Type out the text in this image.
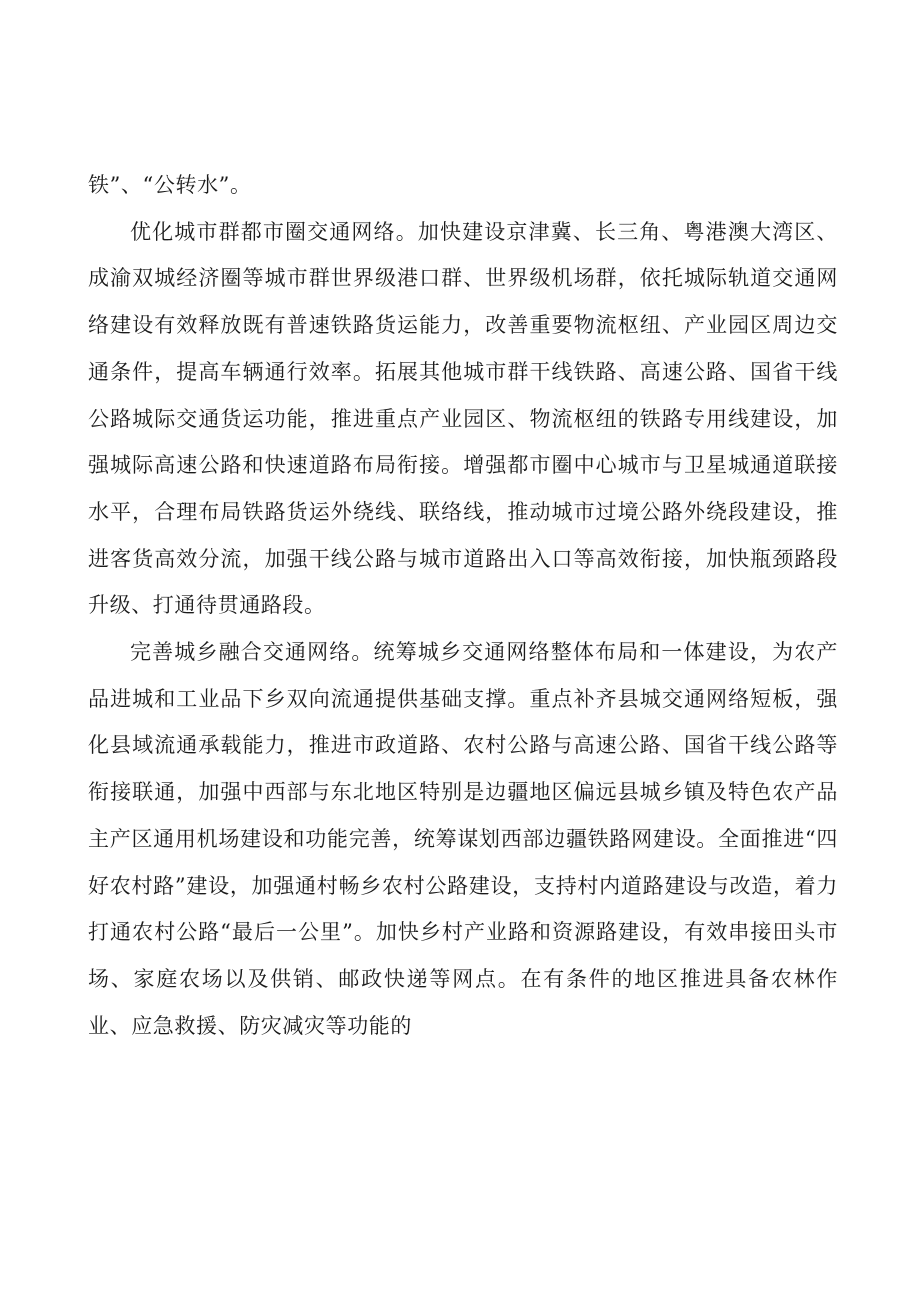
铁”、“公转水”。

优化城市群都市圈交通网络。加快建设京津冀、长三角、粤港澳大湾区、成渝双城经济圈等城市群世界级港口群、世界级机场群，依托城际轨道交通网络建设有效释放既有普速铁路货运能力，改善重要物流枢纽、产业园区周边交通条件，提高车辆通行效率。拓展其他城市群干线铁路、高速公路、国省干线公路城际交通货运功能，推进重点产业园区、物流枢纽的铁路专用线建设，加强城际高速公路和快速道路布局衔接。增强都市圈中心城市与卫星城通道联接水平，合理布局铁路货运外绕线、联络线，推动城市过境公路外绕段建设，推进客货高效分流，加强干线公路与城市道路出入口等高效衔接，加快瓶颈路段升级、打通待贯通路段。

完善城乡融合交通网络。统筹城乡交通网络整体布局和一体建设，为农产品进城和工业品下乡双向流通提供基础支撑。重点补齐县城交通网络短板，强化县域流通承载能力，推进市政道路、农村公路与高速公路、国省干线公路等衔接联通，加强中西部与东北地区特别是边疆地区偏远县城乡镇及特色农产品主产区通用机场建设和功能完善，统筹谋划西部边疆铁路网建设。全面推进“四好农村路”建设，加强通村畅乡农村公路建设，支持村内道路建设与改造，着力打通农村公路“最后一公里”。加快乡村产业路和资源路建设，有效串接田头市场、家庭农场以及供销、邮政快递等网点。在有条件的地区推进具备农林作业、应急救援、防灾减灾等功能的
